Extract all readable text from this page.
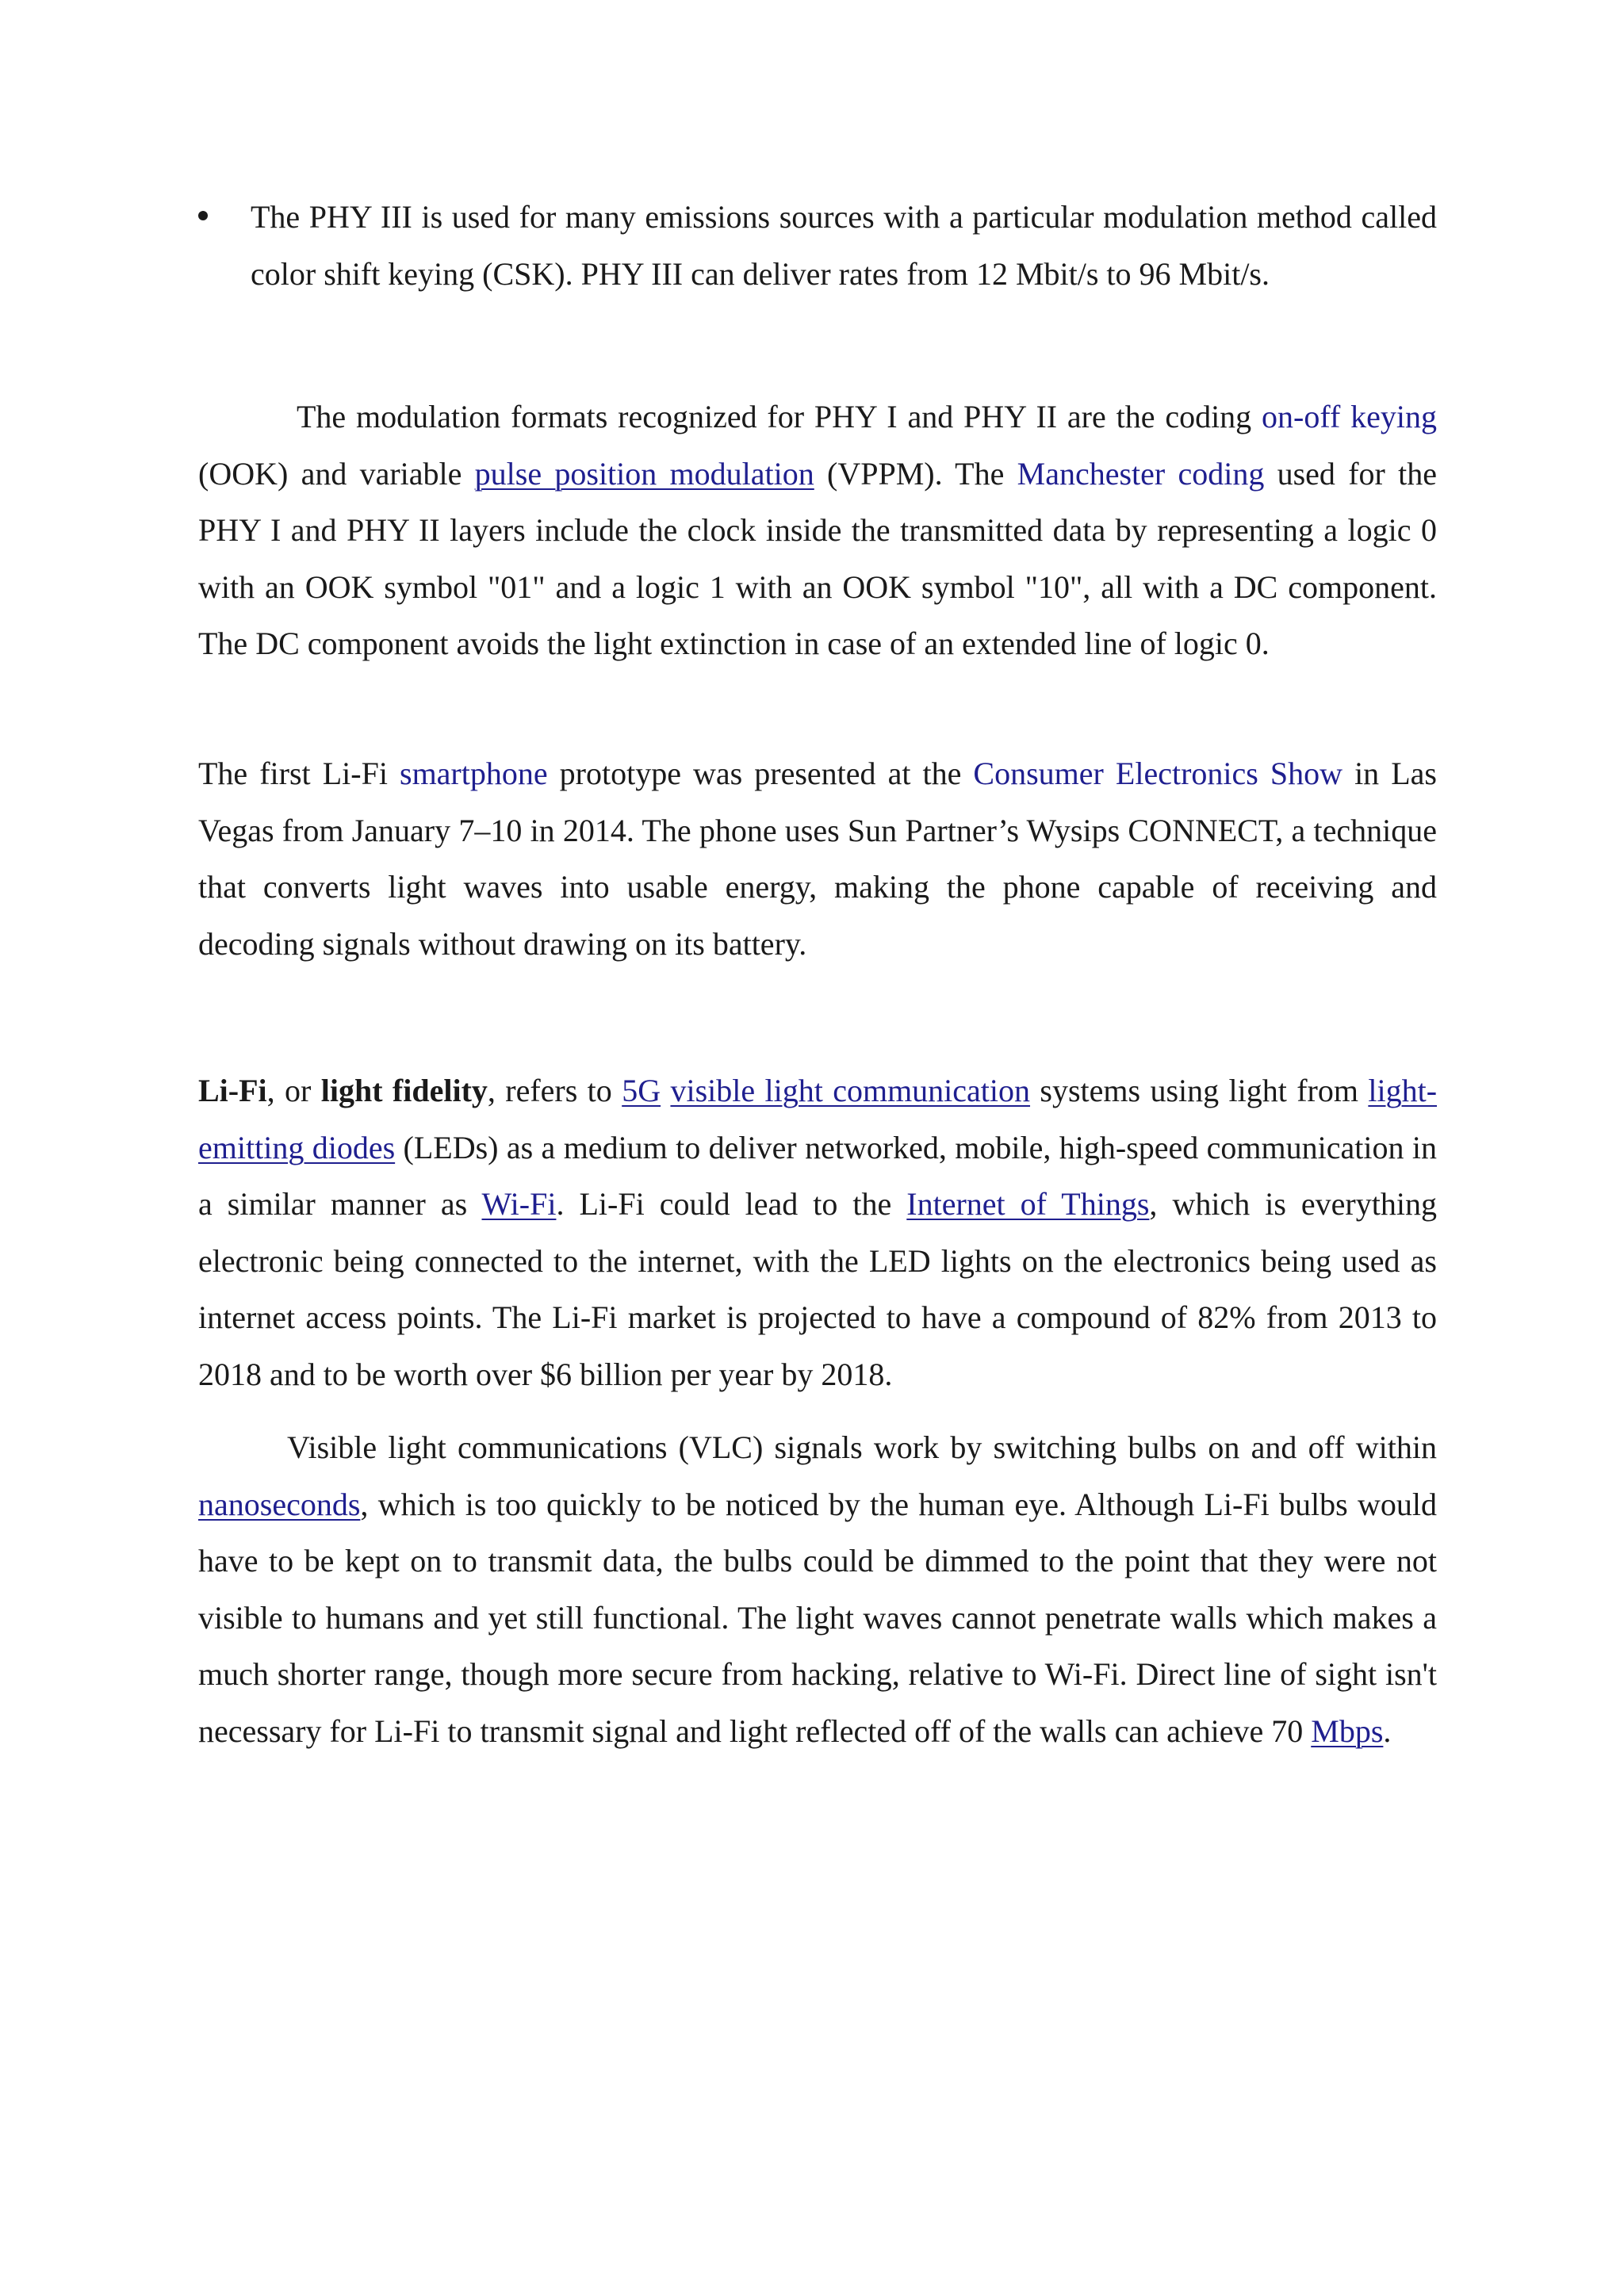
The PHY III is used for many emissions sources with a particular modulation method called color shift keying (CSK). PHY III can deliver rates from 12 Mbit/s to 96 Mbit/s.

The modulation formats recognized for PHY I and PHY II are the coding on-off keying (OOK) and variable pulse position modulation (VPPM). The Manchester coding used for the PHY I and PHY II layers include the clock inside the transmitted data by representing a logic 0 with an OOK symbol "01" and a logic 1 with an OOK symbol "10", all with a DC component. The DC component avoids the light extinction in case of an extended line of logic 0.

The first Li-Fi smartphone prototype was presented at the Consumer Electronics Show in Las Vegas from January 7–10 in 2014. The phone uses Sun Partner’s Wysips CONNECT, a technique that converts light waves into usable energy, making the phone capable of receiving and decoding signals without drawing on its battery.

Li-Fi, or light fidelity, refers to 5G visible light communication systems using light from light-emitting diodes (LEDs) as a medium to deliver networked, mobile, high-speed communication in a similar manner as Wi-Fi. Li-Fi could lead to the Internet of Things, which is everything electronic being connected to the internet, with the LED lights on the electronics being used as internet access points. The Li-Fi market is projected to have a compound of 82% from 2013 to 2018 and to be worth over $6 billion per year by 2018.

Visible light communications (VLC) signals work by switching bulbs on and off within nanoseconds, which is too quickly to be noticed by the human eye. Although Li-Fi bulbs would have to be kept on to transmit data, the bulbs could be dimmed to the point that they were not visible to humans and yet still functional. The light waves cannot penetrate walls which makes a much shorter range, though more secure from hacking, relative to Wi-Fi. Direct line of sight isn't necessary for Li-Fi to transmit signal and light reflected off of the walls can achieve 70 Mbps.
